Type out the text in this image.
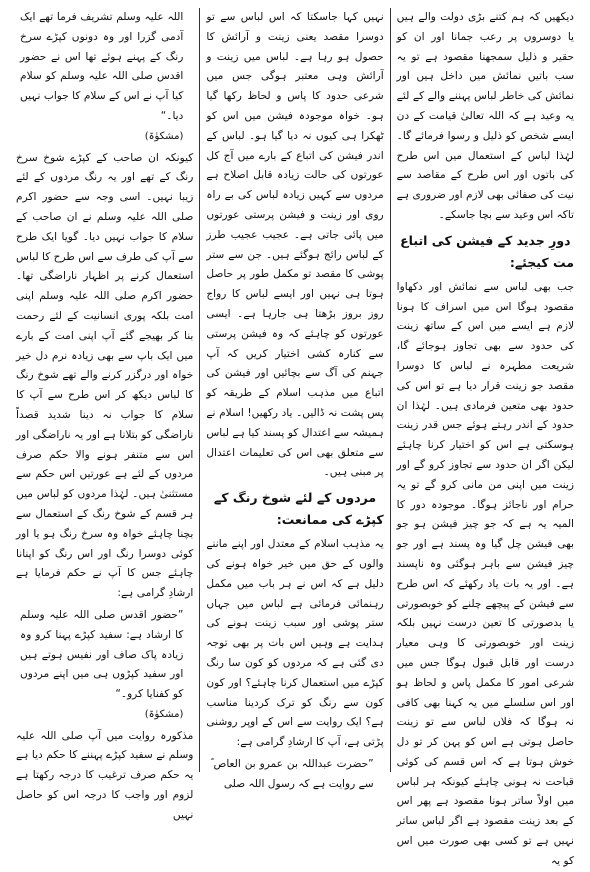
دیکھیں کہ ہم کتنے بڑی دولت والے ہیں یا دوسروں پر رعب جمانا اور ان کو حقیر و ذلیل سمجھنا مقصود ہے تو یہ سب باتیں نمائش میں داخل ہیں اور نمائش کی خاطر لباس پہننے والے کے لئے یہ وعید ہے کہ اللہ تعالیٰ قیامت کے دن ایسے شخص کو ذلیل و رسوا فرمائے گا۔ لہٰذا لباس کے استعمال میں اس طرح کی باتوں اور اس طرح کے مقاصد سے نیت کی صفائی بھی لازم اور ضروری ہے تاکہ اس وعید سے بچا جاسکے۔

دورِ جدید کے فیشن کی اتباع مت کیجئے:

جب بھی لباس سے نمائش اور دکھاوا مقصود ہوگا اس میں اسراف کا ہونا لازم ہے ایسے میں اس کے ساتھ زینت کی حدود سے بھی تجاوز ہوجائے گا، شریعت مطہرہ نے لباس کا دوسرا مقصد جو زینت قرار دیا ہے تو اس کی حدود بھی متعین فرمادی ہیں۔ لہٰذا ان حدود کے اندر رہتے ہوئے جس قدر زینت ہوسکتی ہے اس کو اختیار کرنا چاہئے لیکن اگر ان حدود سے تجاوز کرو گے اور زینت میں اپنی من مانی کرو گے تو یہ حرام اور ناجائز ہوگا۔ موجودہ دور کا المیہ یہ ہے کہ جو چیز فیشن ہو جو بھی فیشن چل گیا وہ پسند ہے اور جو چیز فیشن سے باہر ہوگئی وہ ناپسند ہے۔ اور یہ بات یاد رکھئے کہ اس طرح سے فیشن کے پیچھے چلنے کو خوبصورتی یا بدصورتی کا تعین درست نہیں بلکہ زینت اور خوبصورتی کا وہی معیار درست اور قابل قبول ہوگا جس میں شرعی امور کا مکمل پاس و لحاظ ہو اور اس سلسلے میں یہ کہنا بھی کافی نہ ہوگا کہ فلاں لباس سے تو زینت حاصل ہوتی ہے اس کو پہن کر تو دل خوش ہوتا ہے کہ اس قسم کی کوئی قباحت نہ ہونی چاہئے کیونکہ ہر لباس میں اولاً ساتر ہونا مقصود ہے پھر اس کے بعد زینت مقصود ہے اگر لباس ساتر نہیں ہے تو کسی بھی صورت میں اس کو یہ

نہیں کہا جاسکتا کہ اس لباس سے تو دوسرا مقصد یعنی زینت و آرائش کا حصول ہو رہا ہے۔ لباس میں زینت و آرائش وہی معتبر ہوگی جس میں شرعی حدود کا پاس و لحاظ رکھا گیا ہو۔ خواہ موجودہ فیشن میں اس کو ٹھکرا ہی کیوں نہ دیا گیا ہو۔ لباس کے اندر فیشن کی اتباع کے بارے میں آج کل عورتوں کی حالت زیادہ قابل اصلاح ہے مردوں سے کہیں زیادہ لباس کی بے راہ روی اور زینت و فیشن پرستی عورتوں میں پائی جاتی ہے۔ عجیب عجیب طرز کے لباس رائج ہوگئے ہیں۔ جن سے ستر پوشی کا مقصد تو مکمل طور پر حاصل ہوتا ہی نہیں اور ایسے لباس کا رواج روز بروز بڑھتا ہی جارہا ہے۔ ایسی عورتوں کو چاہئے کہ وہ فیشن پرستی سے کنارہ کشی اختیار کریں کہ آپ جہنم کی آگ سے بچائیں اور فیشن کی اتباع میں مذہب اسلام کے طریقہ کو پس پشت نہ ڈالیں۔ یاد رکھیں! اسلام نے ہمیشہ سے اعتدال کو پسند کیا ہے لباس سے متعلق بھی اس کی تعلیمات اعتدال پر مبنی ہیں۔

مردوں کے لئے شوخ رنگ کے کپڑے کی ممانعت:

یہ مذہب اسلام کے معتدل اور اپنے ماننے والوں کے حق میں خیر خواہ ہونے کی دلیل ہے کہ اس نے ہر باب میں مکمل رہنمائی فرمائی ہے لباس میں جہاں ستر پوشی اور سبب زینت ہونے کی ہدایت ہے وہیں اس بات پر بھی توجہ دی گئی ہے کہ مردوں کو کون سا رنگ کپڑے میں استعمال کرنا چاہئے؟ اور کون کون سے رنگ کو ترک کردینا مناسب ہے؟ ایک روایت سے اس کے اوپر روشنی پڑتی ہے، آپ کا ارشادِ گرامی ہے:

”حضرت عبداللہ بن عمرو بن العاص ؓ سے روایت ہے کہ رسول اللہ صلی

اللہ علیہ وسلم تشریف فرما تھے ایک آدمی گزرا اور وہ دونوں کپڑے سرخ رنگ کے پہنے ہوئے تھا اس نے حضور اقدس صلی اللہ علیہ وسلم کو سلام کیا آپ نے اس کے سلام کا جواب نہیں دیا۔“
(مشکوٰۃ)

کیونکہ ان صاحب کے کپڑے شوخ سرخ رنگ کے تھے اور یہ رنگ مردوں کے لئے زیبا نہیں۔ اسی وجہ سے حضور اکرم صلی اللہ علیہ وسلم نے ان صاحب کے سلام کا جواب نہیں دیا۔ گویا ایک طرح سے آپ کی طرف سے اس طرح کا لباس استعمال کرنے پر اظہار ناراضگی تھا۔ حضور اکرم صلی اللہ علیہ وسلم اپنی امت بلکہ پوری انسانیت کے لئے رحمت بنا کر بھیجے گئے آپ اپنی امت کے بارے میں ایک باپ سے بھی زیادہ نرم دل خیر خواہ اور درگزر کرنے والے تھے شوخ رنگ کا لباس دیکھ کر اس طرح سے آپ کا سلام کا جواب نہ دینا شدید قصداً ناراضگی کو بتلانا ہے اور یہ ناراضگی اور اس سے متنفر ہونے والا حکم صرف مردوں کے لئے ہے عورتیں اس حکم سے مستثنیٰ ہیں۔ لہٰذا مردوں کو لباس میں ہر قسم کے شوخ رنگ کے استعمال سے بچنا چاہئے خواہ وہ سرخ رنگ ہو یا اور کوئی دوسرا رنگ اور اس رنگ کو اپنانا چاہئے جس کا آپ نے حکم فرمایا ہے ارشادِ گرامی ہے:

”حضور اقدس صلی اللہ علیہ وسلم کا ارشاد ہے: سفید کپڑے پہنا کرو وہ زیادہ پاک صاف اور نفیس ہوتے ہیں اور سفید کپڑوں ہی میں اپنے مردوں کو کفنایا کرو۔“
(مشکوٰۃ)

مذکورہ روایت میں آپ صلی اللہ علیہ وسلم نے سفید کپڑے پہننے کا حکم دیا ہے یہ حکم صرف ترغیب کا درجہ رکھتا ہے لزوم اور واجب کا درجہ اس کو حاصل نہیں
